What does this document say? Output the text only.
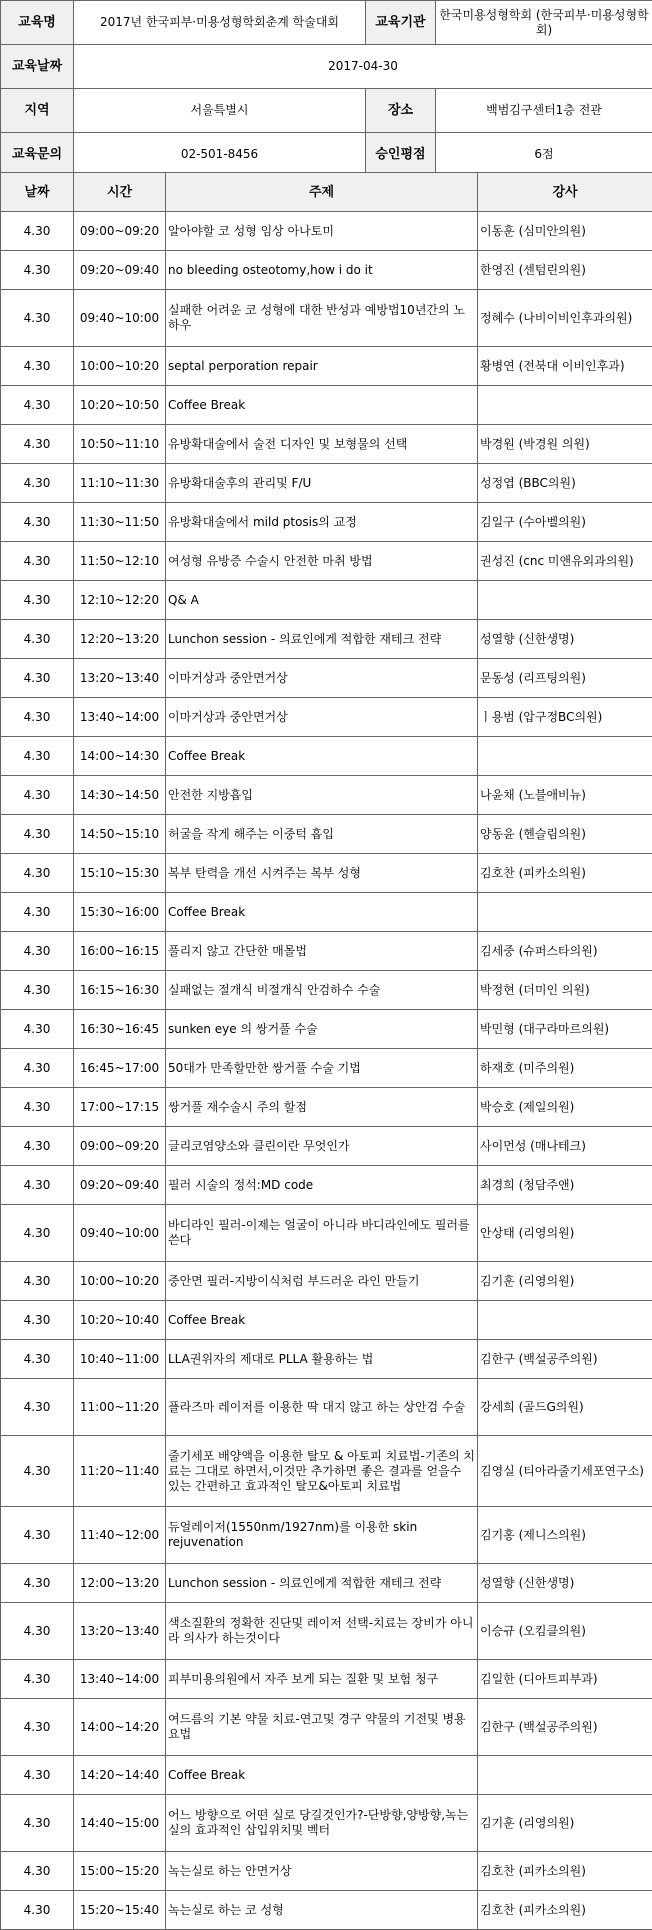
교육명	2017년 한국피부·미용성형학회춘계 학술대회	교육기관	한국미용성형학회 (한국피부·미용성형학회)
교육날짜	2017-04-30		
지역	서울특별시	장소	백범김구센터1층 전관
교육문의	02-501-8456	승인평점	6점
날짜	시간	주제	강사
4.30	09:00~09:20	알아야할 코 성형 임상 아나토미	이동훈 (심미안의원)
4.30	09:20~09:40	no bleeding osteotomy,how i do it	한영진 (센텀린의원)
4.30	09:40~10:00	실패한 어려운 코 성형에 대한 반성과 예방법10년간의 노하우	정혜수 (나비이비인후과의원)
4.30	10:00~10:20	septal perporation repair	황병연 (전북대 이비인후과)
4.30	10:20~10:50	Coffee Break	
4.30	10:50~11:10	유방확대술에서 술전 디자인 및 보형물의 선택	박경원 (박경원 의원)
4.30	11:10~11:30	유방확대술후의 관리및 F/U	성정엽 (BBC의원)
4.30	11:30~11:50	유방확대술에서 mild ptosis의 교정	김일구 (수아벨의원)
4.30	11:50~12:10	여성형 유방증 수술시 안전한 마취 방법	권성진 (cnc 미앤유외과의원)
4.30	12:10~12:20	Q& A	
4.30	12:20~13:20	Lunchon session - 의료인에게 적합한 재테크 전략	성열향 (신한생명)
4.30	13:20~13:40	이마거상과 중안면거상	문동성 (리프팅의원)
4.30	13:40~14:00	이마거상과 중안면거상	ㅣ용범 (압구정BC의원)
4.30	14:00~14:30	Coffee Break	
4.30	14:30~14:50	안전한 지방흡입	나윤채 (노블애비뉴)
4.30	14:50~15:10	허굴을 작게 해주는 이중턱 흡입	양동윤 (헨슬림의원)
4.30	15:10~15:30	복부 탄력을 개선 시켜주는 복부 성형	김호찬 (피카소의원)
4.30	15:30~16:00	Coffee Break	
4.30	16:00~16:15	풀리지 않고 간단한 매몰법	김세중 (슈퍼스타의원)
4.30	16:15~16:30	실패없는 절개식 비절개식 안검하수 수술	박정현 (더미인 의원)
4.30	16:30~16:45	sunken eye 의 쌍거풀 수술	박민형 (대구라마르의원)
4.30	16:45~17:00	50대가 만족할만한 쌍거풀 수술 기법	하재호 (미주의원)
4.30	17:00~17:15	쌍거풀 재수술시 주의 할점	박승호 (제일의원)
4.30	09:00~09:20	글리코염양소와 클린이란 무엇인가	사이먼성 (매나테크)
4.30	09:20~09:40	필러 시술의 정석:MD code	최경희 (청담주앤)
4.30	09:40~10:00	바디라인 필러-이제는 얼굴이 아니라 바디라인에도 필러를 쓴다	안상태 (리영의원)
4.30	10:00~10:20	중안면 필러-지방이식처럼 부드러운 라인 만들기	김기훈 (리영의원)
4.30	10:20~10:40	Coffee Break	
4.30	10:40~11:00	LLA권위자의 제대로 PLLA 활용하는 법	김한구 (백설공주의원)
4.30	11:00~11:20	플라즈마 레이저를 이용한 딱 대지 않고 하는 상안검 수술	강세희 (골드G의원)
4.30	11:20~11:40	줄기세포 배양액을 이용한 탈모 & 아토피 치료법-기존의 치료는 그대로 하면서,이것만 추가하면 좋은 결과를 얻을수 있는 간편하고 효과적인 탈모&아토피 치료법	김영실 (티아라줄기세포연구소)
4.30	11:40~12:00	듀얼레이저(1550nm/1927nm)를 이용한 skin rejuvenation	김기홍 (제니스의원)
4.30	12:00~13:20	Lunchon session - 의료인에게 적합한 재테크 전략	성열향 (신한생명)
4.30	13:20~13:40	색소질환의 정확한 진단및 레이저 선택-치료는 장비가 아니라 의사가 하는것이다	이승규 (오킴클의원)
4.30	13:40~14:00	피부미용의원에서 자주 보게 되는 질환 및 보험 청구	김일한 (디아트피부과)
4.30	14:00~14:20	여드름의 기본 약물 치료-연고및 경구 약물의 기전및 병용요법	김한구 (백설공주의원)
4.30	14:20~14:40	Coffee Break	
4.30	14:40~15:00	어느 방향으로 어떤 실로 당길것인가?-단방향,양방향,녹는실의 효과적인 삽입위치및 벡터	김기훈 (리영의원)
4.30	15:00~15:20	녹는실로 하는 안면거상	김호찬 (피카소의원)
4.30	15:20~15:40	녹는실로 하는 코 성형	김호찬 (피카소의원)
